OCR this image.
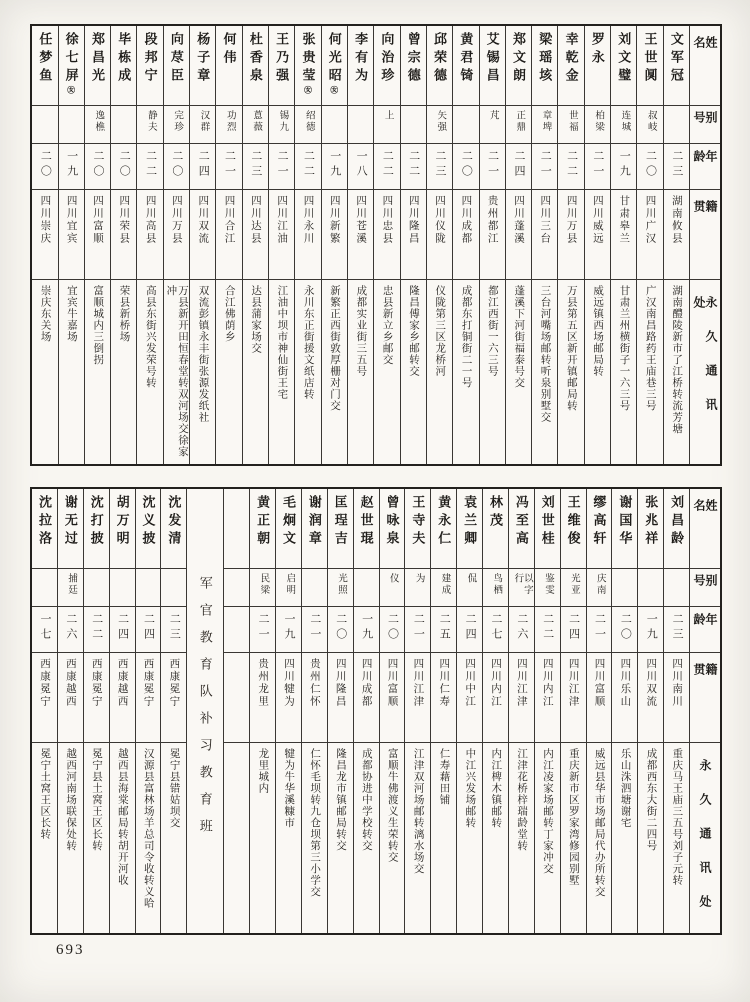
姓名
别号
年龄
籍贯
永久通讯处
文军冠
二三
湖南攸县
湖南醴陵新市了江桥转流芳塘
王世阒
叔岐
二〇
四川广汉
广汉南昌路药王庙巷三号
刘文璧
连城
一九
甘肃皋兰
甘肃兰州横街子一六三号
罗永
柏梁
二一
四川威远
威远镇西场邮局转
幸乾金
世福
二二
四川万县
万县第五区新开镇邮局转
梁瑶垓
章埤
二一
四川三台
三台河嘴场邮转听泉别墅交
郑文朗
正鼎
二四
四川蓬溪
蓬溪下河街福泰号交
艾锡昌
芃
二一
贵州都江
都江西街一六三号
黄君锜
二〇
四川成都
成都东打铜街二一号
邱荣德
矢强
二三
四川仪陇
仪陇第三区龙桥河
曾宗德
二二
四川隆昌
隆昌傅家乡邮转交
向治珍
上
二二
四川忠县
忠县新立乡邮交
李有为
一八
四川苍溪
成都实业街三五号
何光昭㊛
一九
四川新繁
新繁正西街敦厚栅对门交
张贵莹㊛
绍德
二二
四川永川
永川东正街援文纸店转
王乃强
锡九
二一
四川江油
江油中坝市神仙街王宅
杜香泉
蒠薇
二三
四川达县
达县蒲家场交
何伟
功烈
二一
四川合江
合江佛荫乡
杨子章
汉群
二四
四川双流
双流彭镇永丰街张源发纸社
向荩臣
完珍
二〇
四川万县
万县新开田恒春堂转双河场交徐家冲
段邦宁
静夫
二二
四川高县
高县东街兴发荣号转
毕栋成
二〇
四川荣县
荣县新桥场
郑昌光
逸樵
二〇
四川富顺
富顺城内三倒拐
徐七屏㊛
一九
四川宜宾
宜宾牛嘉场
任梦鱼
二〇
四川崇庆
崇庆东关场
姓名
别号
年龄
籍贯
永久通讯处
刘昌龄
二三
四川南川
重庆马王庙三五号刘子元转
张兆祥
一九
四川双流
成都西东大街二四号
谢国华
二〇
四川乐山
乐山洙泗塘谢宅
缪高轩
庆南
二一
四川富顺
威远县华市场邮局代办所转交
王维俊
光亚
二四
四川江津
重庆新市区罗家湾修园别墅
刘世桂
鉴雯
二二
四川内江
内江凌家场邮转丁家冲交
冯至高
以字行
二六
四川江津
江津花桥梓瑞龄堂转
林茂
鸟栖
二七
四川内江
内江椑木镇邮转
袁兰卿
侃
二四
四川中江
中江兴发场邮转
黄永仁
建成
二五
四川仁寿
仁寿藉田铺
王寺夫
为
二一
四川江津
江津双河场邮转漓水场交
曾咏泉
仪
二〇
四川富顺
富顺牛佛渡义生荣转交
赵世琨
一九
四川成都
成都协进中学校转交
匡珵吉
光照
二〇
四川隆昌
隆昌龙市镇邮局转交
谢润章
二一
贵州仁怀
仁怀毛坝转九仓坝第三小学交
毛炯文
启明
一九
四川犍为
犍为牛华溪糠市
黄正朝
民梁
二一
贵州龙里
龙里城内
军官教育队补习教育班
沈发清
二三
西康冕宁
冕宁县错姑坝交
沈义披
二四
西康冕宁
汉源县富林场羊总司令收转义哈
胡万明
二四
西康越西
越西县海棠邮局转胡开河收
沈打披
二二
西康冕宁
冕宁县土窝王区长转
谢无过
捕廷
二六
西康越西
越西河南场联保处转
沈拉洛
一七
西康冕宁
冕宁土窝王区长转
693
